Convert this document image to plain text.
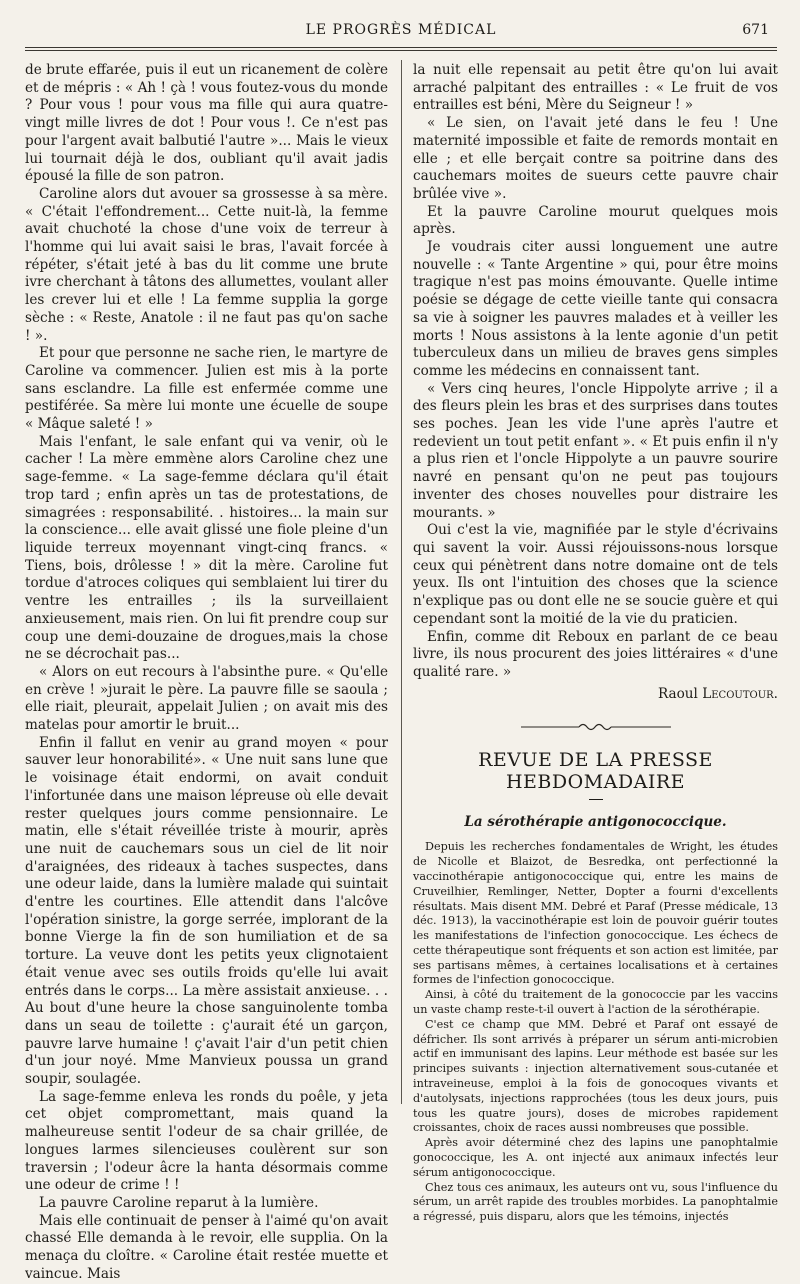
LE PROGRÈS MÉDICAL	671

de brute effarée, puis il eut un ricanement de colère et de mépris : « Ah ! çà ! vous foutez-vous du monde ? Pour vous ! pour vous ma fille qui aura quatre-vingt mille livres de dot ! Pour vous !. Ce n'est pas pour l'argent avait balbutié l'autre »... Mais le vieux lui tournait déjà le dos, oubliant qu'il avait jadis épousé la fille de son patron.

Caroline alors dut avouer sa grossesse à sa mère. « C'était l'effondrement... Cette nuit-là, la femme avait chuchoté la chose d'une voix de terreur à l'homme qui lui avait saisi le bras, l'avait forcée à répéter, s'était jeté à bas du lit comme une brute ivre cherchant à tâtons des allumettes, voulant aller les crever lui et elle ! La femme supplia la gorge sèche : « Reste, Anatole : il ne faut pas qu'on sache ! ».

Et pour que personne ne sache rien, le martyre de Caroline va commencer. Julien est mis à la porte sans esclandre. La fille est enfermée comme une pestiférée. Sa mère lui monte une écuelle de soupe « Mâque saleté ! »

Mais l'enfant, le sale enfant qui va venir, où le cacher ! La mère emmène alors Caroline chez une sage-femme. « La sage-femme déclara qu'il était trop tard ; enfin après un tas de protestations, de simagrées : responsabilité. . histoires... la main sur la conscience... elle avait glissé une fiole pleine d'un liquide terreux moyennant vingt-cinq francs. « Tiens, bois, drôlesse ! » dit la mère. Caroline fut tordue d'atroces coliques qui semblaient lui tirer du ventre les entrailles ; ils la surveillaient anxieusement, mais rien. On lui fit prendre coup sur coup une demi-douzaine de drogues,mais la chose ne se décrochait pas...

« Alors on eut recours à l'absinthe pure. « Qu'elle en crève ! »jurait le père. La pauvre fille se saoula ; elle riait, pleurait, appelait Julien ; on avait mis des matelas pour amortir le bruit...

Enfin il fallut en venir au grand moyen « pour sauver leur honorabilité». « Une nuit sans lune que le voisinage était endormi, on avait conduit l'infortunée dans une maison lépreuse où elle devait rester quelques jours comme pensionnaire. Le matin, elle s'était réveillée triste à mourir, après une nuit de cauchemars sous un ciel de lit noir d'araignées, des rideaux à taches suspectes, dans une odeur laide, dans la lumière malade qui suintait d'entre les courtines. Elle attendit dans l'alcôve l'opération sinistre, la gorge serrée, implorant de la bonne Vierge la fin de son humiliation et de sa torture. La veuve dont les petits yeux clignotaient était venue avec ses outils froids qu'elle lui avait entrés dans le corps... La mère assistait anxieuse. . . Au bout d'une heure la chose sanguinolente tomba dans un seau de toilette : ç'aurait été un garçon, pauvre larve humaine ! ç'avait l'air d'un petit chien d'un jour noyé. Mme Manvieux poussa un grand soupir, soulagée.

La sage-femme enleva les ronds du poêle, y jeta cet objet compromettant, mais quand la malheureuse sentit l'odeur de sa chair grillée, de longues larmes silencieuses coulèrent sur son traversin ; l'odeur âcre la hanta désormais comme une odeur de crime ! !

La pauvre Caroline reparut à la lumière.

Mais elle continuait de penser à l'aimé qu'on avait chassé Elle demanda à le revoir, elle supplia. On la menaça du cloître. « Caroline était restée muette et vaincue. Mais

la nuit elle repensait au petit être qu'on lui avait arraché palpitant des entrailles : « Le fruit de vos entrailles est béni, Mère du Seigneur ! »

« Le sien, on l'avait jeté dans le feu ! Une maternité impossible et faite de remords montait en elle ; et elle berçait contre sa poitrine dans des cauchemars moites de sueurs cette pauvre chair brûlée vive ».

Et la pauvre Caroline mourut quelques mois après.

Je voudrais citer aussi longuement une autre nouvelle : « Tante Argentine » qui, pour être moins tragique n'est pas moins émouvante. Quelle intime poésie se dégage de cette vieille tante qui consacra sa vie à soigner les pauvres malades et à veiller les morts ! Nous assistons à la lente agonie d'un petit tuberculeux dans un milieu de braves gens simples comme les médecins en connaissent tant.

« Vers cinq heures, l'oncle Hippolyte arrive ; il a des fleurs plein les bras et des surprises dans toutes ses poches. Jean les vide l'une après l'autre et redevient un tout petit enfant ». « Et puis enfin il n'y a plus rien et l'oncle Hippolyte a un pauvre sourire navré en pensant qu'on ne peut pas toujours inventer des choses nouvelles pour distraire les mourants. »

Oui c'est la vie, magnifiée par le style d'écrivains qui savent la voir. Aussi réjouissons-nous lorsque ceux qui pénètrent dans notre domaine ont de tels yeux. Ils ont l'intuition des choses que la science n'explique pas ou dont elle ne se soucie guère et qui cependant sont la moitié de la vie du praticien.

Enfin, comme dit Reboux en parlant de ce beau livre, ils nous procurent des joies littéraires « d'une qualité rare. »

Raoul Lecoutour.
REVUE DE LA PRESSE HEBDOMADAIRE
La sérothérapie antigonococcique.

Depuis les recherches fondamentales de Wright, les études de Nicolle et Blaizot, de Besredka, ont perfectionné la vaccinothérapie antigonococcique qui, entre les mains de Cruveilhier, Remlinger, Netter, Dopter a fourni d'excellents résultats. Mais disent MM. Debré et Paraf (Presse médicale, 13 déc. 1913), la vaccinothérapie est loin de pouvoir guérir toutes les manifestations de l'infection gonococcique. Les échecs de cette thérapeutique sont fréquents et son action est limitée, par ses partisans mêmes, à certaines localisations et à certaines formes de l'infection gonococcique.

Ainsi, à côté du traitement de la gonococcie par les vaccins un vaste champ reste-t-il ouvert à l'action de la sérothérapie.

C'est ce champ que MM. Debré et Paraf ont essayé de défricher. Ils sont arrivés à préparer un sérum anti-microbien actif en immunisant des lapins. Leur méthode est basée sur les principes suivants : injection alternativement sous-cutanée et intraveineuse, emploi à la fois de gonocoques vivants et d'autolysats, injections rapprochées (tous les deux jours, puis tous les quatre jours), doses de microbes rapidement croissantes, choix de races aussi nombreuses que possible.

Après avoir déterminé chez des lapins une panophtalmie gonococcique, les A. ont injecté aux animaux infectés leur sérum antigonococcique.

Chez tous ces animaux, les auteurs ont vu, sous l'influence du sérum, un arrêt rapide des troubles morbides. La panophtalmie a régressé, puis disparu, alors que les témoins, injectés
